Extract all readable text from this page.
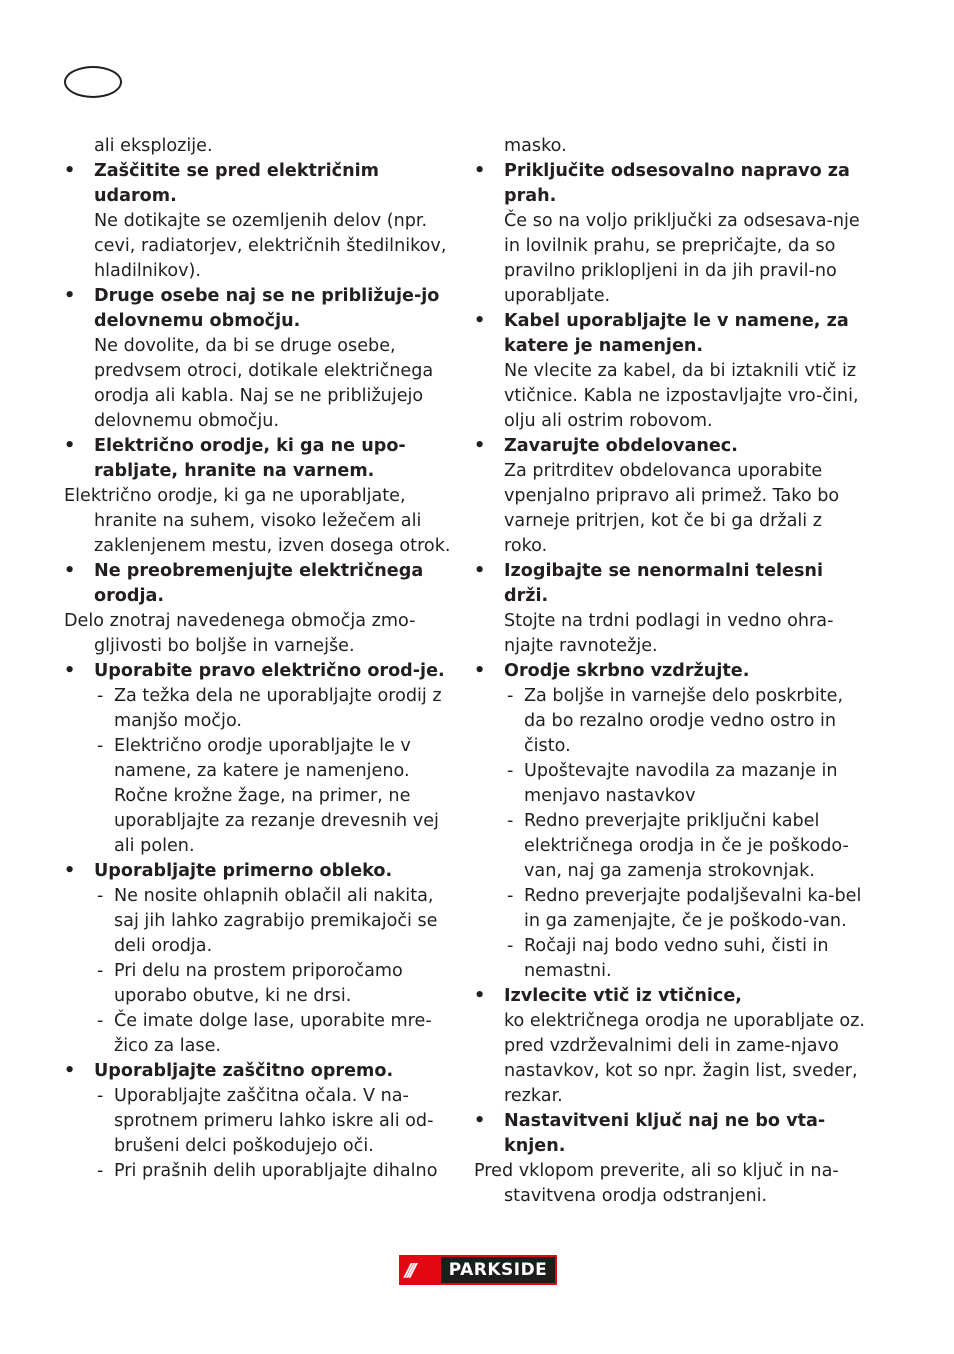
ali eksplozije.
•	Zaščitite se pred električnim udarom.
Ne dotikajte se ozemljenih delov (npr. cevi, radiatorjev, električnih štedilnikov, hladilnikov).
•	Druge osebe naj se ne približuje-jo delovnemu območju.
Ne dovolite, da bi se druge osebe, predvsem otroci, dotikale električnega orodja ali kabla. Naj se ne približujejo delovnemu območju.
•	Električno orodje, ki ga ne upo-rabljate, hranite na varnem.
Električno orodje, ki ga ne uporabljate, hranite na suhem, visoko ležečem ali zaklenjenem mestu, izven dosega otrok.
•	Ne preobremenjujte električnega orodja.
Delo znotraj navedenega območja zmo-gljivosti bo boljše in varnejše.
•	Uporabite pravo električno orod-je.
- Za težka dela ne uporabljajte orodij z manjšo močjo.
- Električno orodje uporabljajte le v namene, za katere je namenjeno. Ročne krožne žage, na primer, ne uporabljajte za rezanje drevesnih vej ali polen.
•	Uporabljajte primerno obleko.
- Ne nosite ohlapnih oblačil ali nakita, saj jih lahko zagrabijo premikajoči se deli orodja.
- Pri delu na prostem priporočamo uporabo obutve, ki ne drsi.
- Če imate dolge lase, uporabite mre-žico za lase.
•	Uporabljajte zaščitno opremo.
- Uporabljajte zaščitna očala. V na-sprotnem primeru lahko iskre ali od-brušeni delci poškodujejo oči.
- Pri prašnih delih uporabljajte dihalno
masko.
•	Priključite odsesovalno napravo za prah.
Če so na voljo priključki za odsesava-nje in lovilnik prahu, se prepričajte, da so pravilno priklopljeni in da jih pravil-no uporabljate.
•	Kabel uporabljajte le v namene, za katere je namenjen.
Ne vlecite za kabel, da bi iztaknili vtič iz vtičnice. Kabla ne izpostavljajte vro-čini, olju ali ostrim robovom.
•	Zavarujte obdelovanec.
Za pritrditev obdelovanca uporabite vpenjalno pripravo ali primež. Tako bo varneje pritrjen, kot če bi ga držali z roko.
•	Izogibajte se nenormalni telesni drži.
Stojte na trdni podlagi in vedno ohra-njajte ravnotežje.
•	Orodje skrbno vzdržujte.
- Za boljše in varnejše delo poskrbite, da bo rezalno orodje vedno ostro in čisto.
- Upoštevajte navodila za mazanje in menjavo nastavkov
- Redno preverjajte priključni kabel električnega orodja in če je poškodo-van, naj ga zamenja strokovnjak.
- Redno preverjajte podaljševalni ka-bel in ga zamenjajte, če je poškodo-van.
- Ročaji naj bodo vedno suhi, čisti in nemastni.
•	Izvlecite vtič iz vtičnice,
ko električnega orodja ne uporabljate oz. pred vzdrževalnimi deli in zame-njavo nastavkov, kot so npr. žagin list, sveder, rezkar.
•	Nastavitveni ključ naj ne bo vta-knjen.
Pred vklopom preverite, ali so ključ in na-stavitvena orodja odstranjeni.
///	PARKSIDE
